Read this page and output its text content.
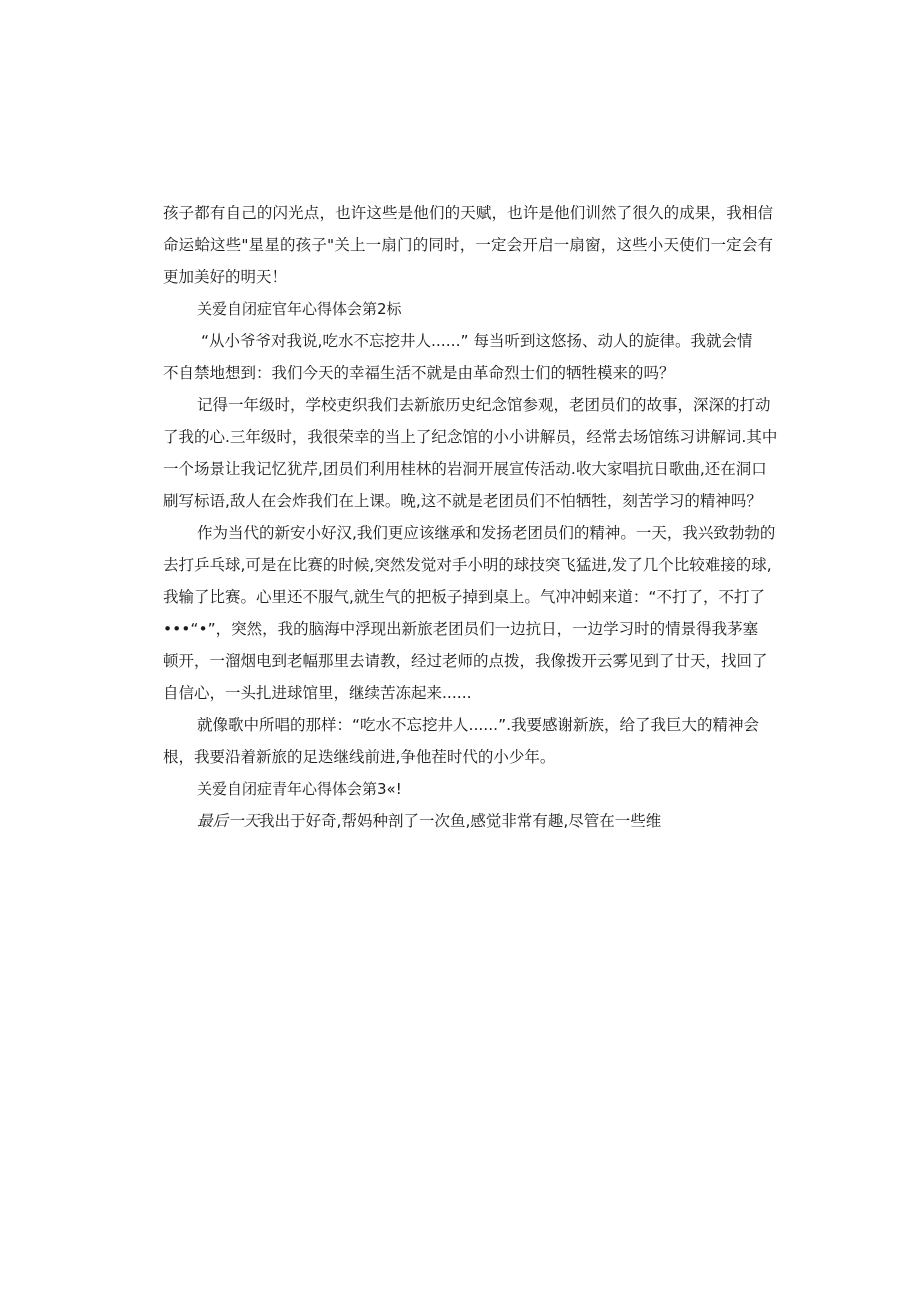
孩子都有自己的闪光点，也许这些是他们的天赋，也许是他们训然了很久的成果，我相信
命运蛤这些"星星的孩子"关上一扇门的同时，一定会开启一扇窗，这些小天使们一定会有
更加美好的明天！
关爱自闭症官年心得体会第2标
“从小爷爷对我说,吃水不忘挖井人......” 每当听到这悠扬、动人的旋律。我就会情
不自禁地想到：我们今天的幸福生活不就是由革命烈士们的牺牲模来的吗？
记得一年级时，学校吏织我们去新旅历史纪念馆参观，老团员们的故事，深深的打动
了我的心.三年级时，我很荣幸的当上了纪念馆的小小讲解员，经常去场馆练习讲解词.其中
一个场景让我记忆犹芹,团员们利用桂林的岩洞开展宣传活动.收大家唱抗日歌曲,还在洞口
刷写标语,敌人在会炸我们在上课。晚,这不就是老团员们不怕牺牲，刻苦学习的精神吗？
作为当代的新安小好汉,我们更应该继承和发扬老团员们的精神。一天，我兴致勃勃的
去打乒乓球,可是在比赛的时候,突然发觉对手小明的球技突飞猛进,发了几个比较难接的球,
我输了比赛。心里还不服气,就生气的把板子掉到桌上。气冲冲蚓来道：“不打了，不打了
•••“•”，突然，我的脑海中浮现出新旅老团员们一边抗日，一边学习时的情景得我茅塞
顿开，一溜烟电到老幅那里去请教，经过老师的点拨，我像拨开云雾见到了廿天，找回了
自信心，一头扎进球馆里，继续苦冻起来......
就像歌中所唱的那样：“吃水不忘挖井人......”.我要感谢新族，给了我巨大的精神会
根，我要沿着新旅的足迭继线前进,争他茬时代的小少年。
关爱自闭症青年心得体会第3«!
最后一天我出于好奇,帮妈种剖了一次鱼,感觉非常有趣,尽管在一些维
